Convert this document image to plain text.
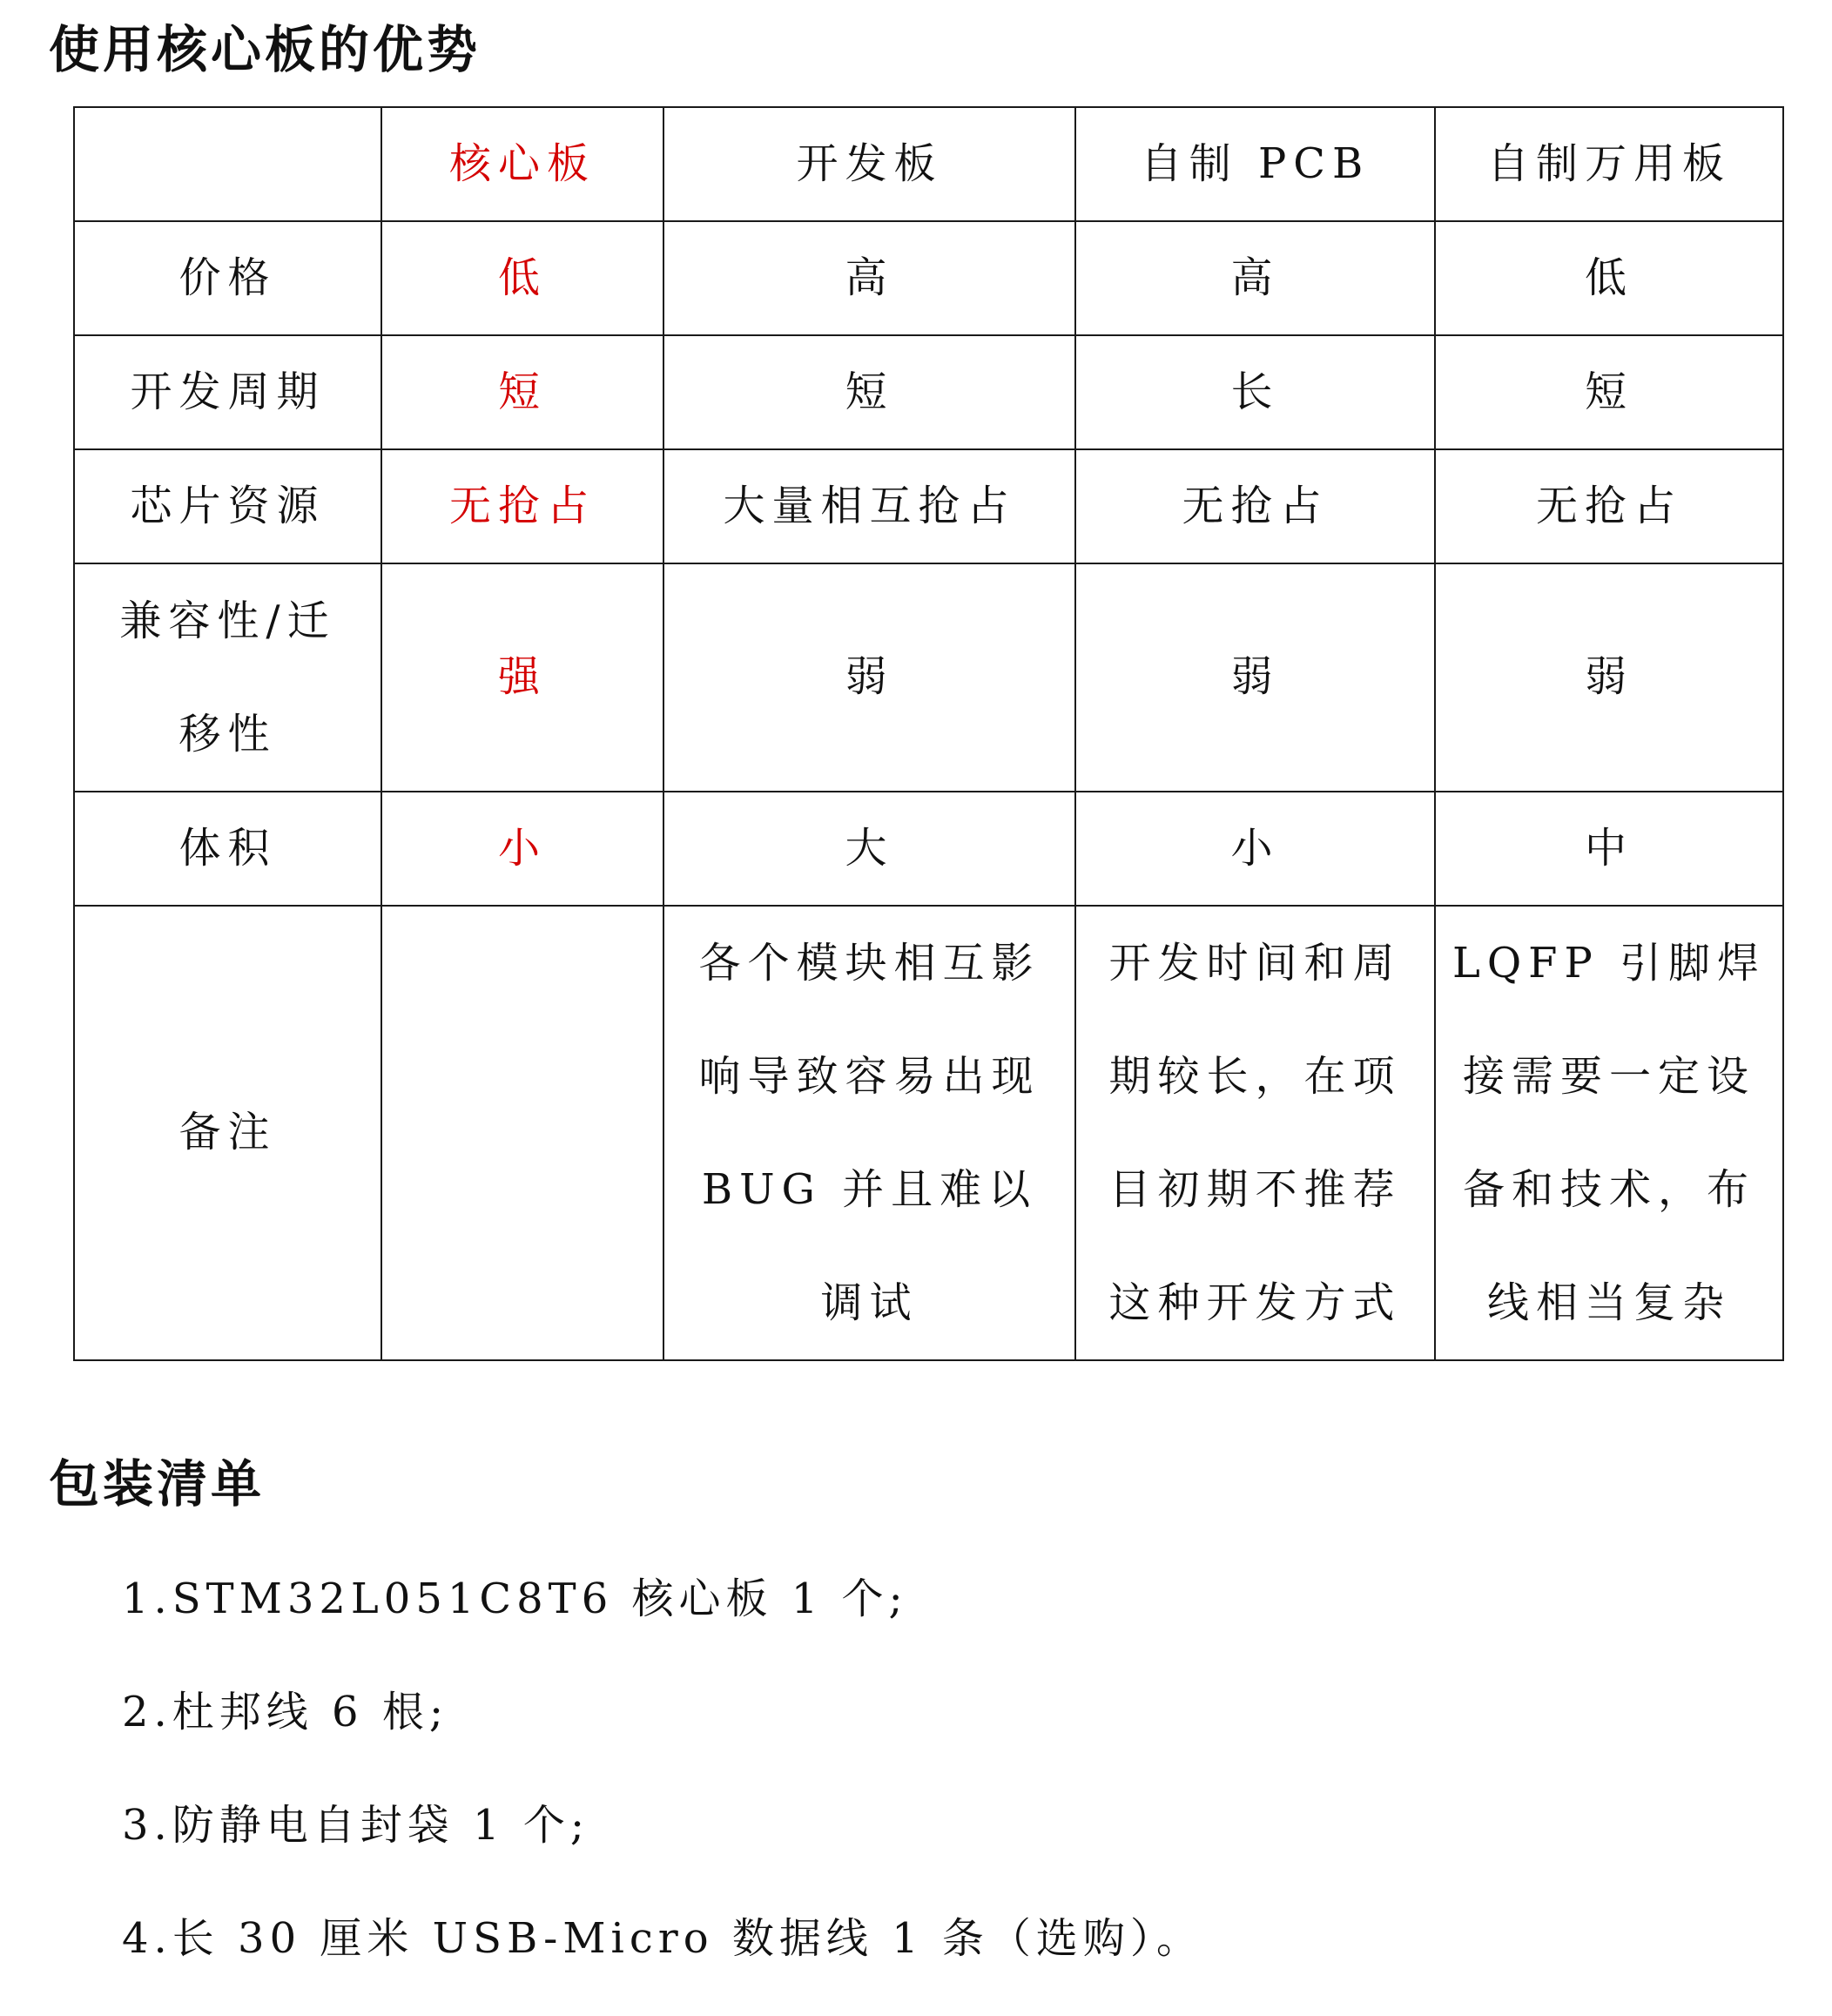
使用核心板的优势
	核心板	开发板	自制 PCB	自制万用板
价格	低	高	高	低
开发周期	短	短	长	短
芯片资源	无抢占	大量相互抢占	无抢占	无抢占
兼容性/迁移性	强	弱	弱	弱
体积	小	大	小	中
备注		各个模块相互影响导致容易出现 BUG 并且难以调试	开发时间和周期较长，在项目初期不推荐这种开发方式	LQFP 引脚焊接需要一定设备和技术，布线相当复杂
包装清单
1.STM32L051C8T6 核心板 1 个;
2.杜邦线 6 根;
3.防静电自封袋 1 个;
4.长 30 厘米 USB-Micro 数据线 1 条（选购）。
